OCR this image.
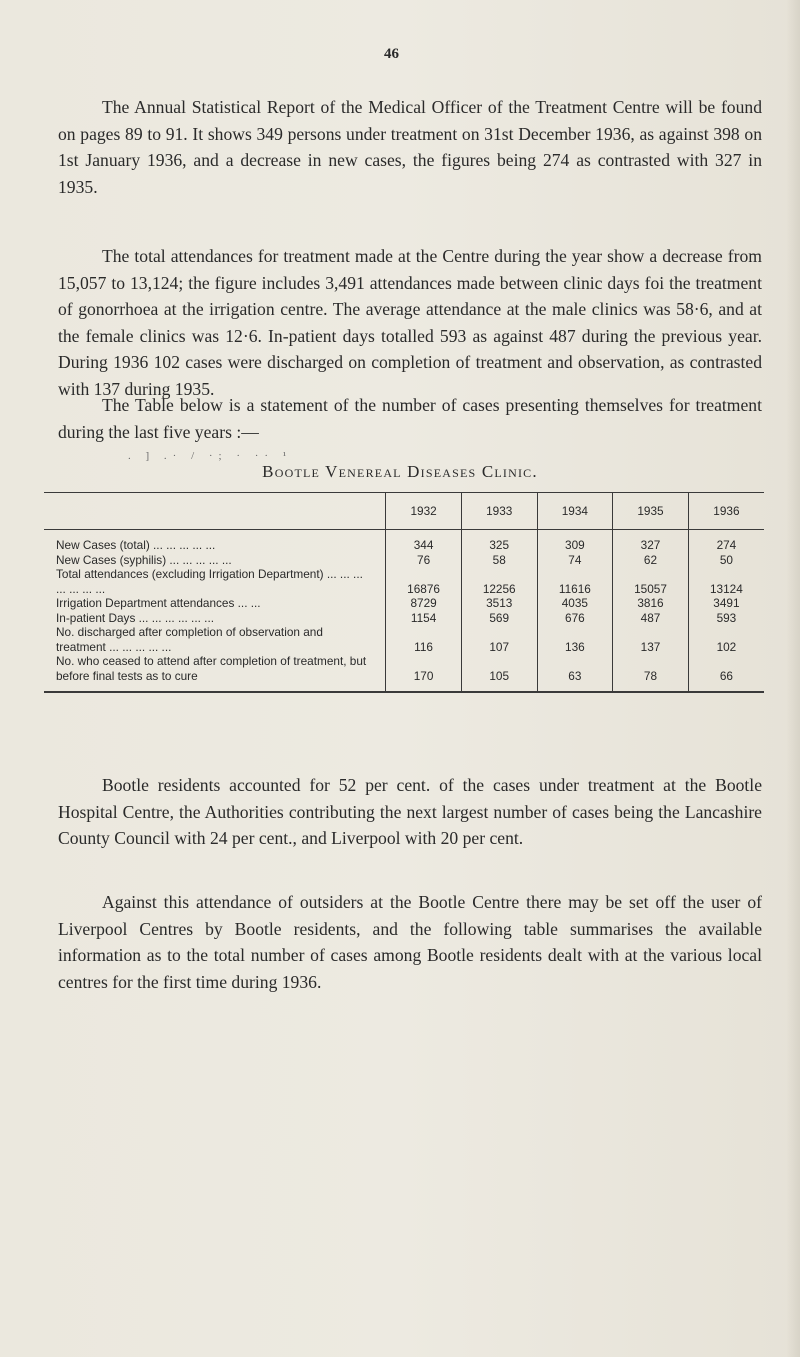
46

The Annual Statistical Report of the Medical Officer of the Treatment Centre will be found on pages 89 to 91. It shows 349 persons under treatment on 31st December 1936, as against 398 on 1st January 1936, and a decrease in new cases, the figures being 274 as contrasted with 327 in 1935.

The total attendances for treatment made at the Centre during the year show a decrease from 15,057 to 13,124; the figure includes 3,491 attendances made between clinic days foi the treatment of gonorrhoea at the irrigation centre. The average attendance at the male clinics was 58·6, and at the female clinics was 12·6. In-patient days totalled 593 as against 487 during the previous year. During 1936 102 cases were discharged on completion of treatment and observation, as contrasted with 137 during 1935.

The Table below is a statement of the number of cases presenting themselves for treatment during the last five years :—

. ] .· / ·; · ·· ¹
Bootle Venereal Diseases Clinic.
	1932	1933	1934	1935	1936
New Cases (total) ... ... ... ... ...	344	325	309	327	274
New Cases (syphilis) ... ... ... ... ...	76	58	74	62	50
Total attendances (excluding Irrigation Department) ... ... ... ... ... ... ...	16876	12256	11616	15057	13124
Irrigation Department attendances ... ...	8729	3513	4035	3816	3491
In-patient Days ... ... ... ... ... ...	1154	569	676	487	593
No. discharged after completion of observation and treatment ... ... ... ... ...	116	107	136	137	102
No. who ceased to attend after completion of treatment, but before final tests as to cure	170	105	63	78	66

Bootle residents accounted for 52 per cent. of the cases under treatment at the Bootle Hospital Centre, the Authorities contributing the next largest number of cases being the Lancashire County Council with 24 per cent., and Liverpool with 20 per cent.

Against this attendance of outsiders at the Bootle Centre there may be set off the user of Liverpool Centres by Bootle residents, and the following table summarises the available information as to the total number of cases among Bootle residents dealt with at the various local centres for the first time during 1936.
